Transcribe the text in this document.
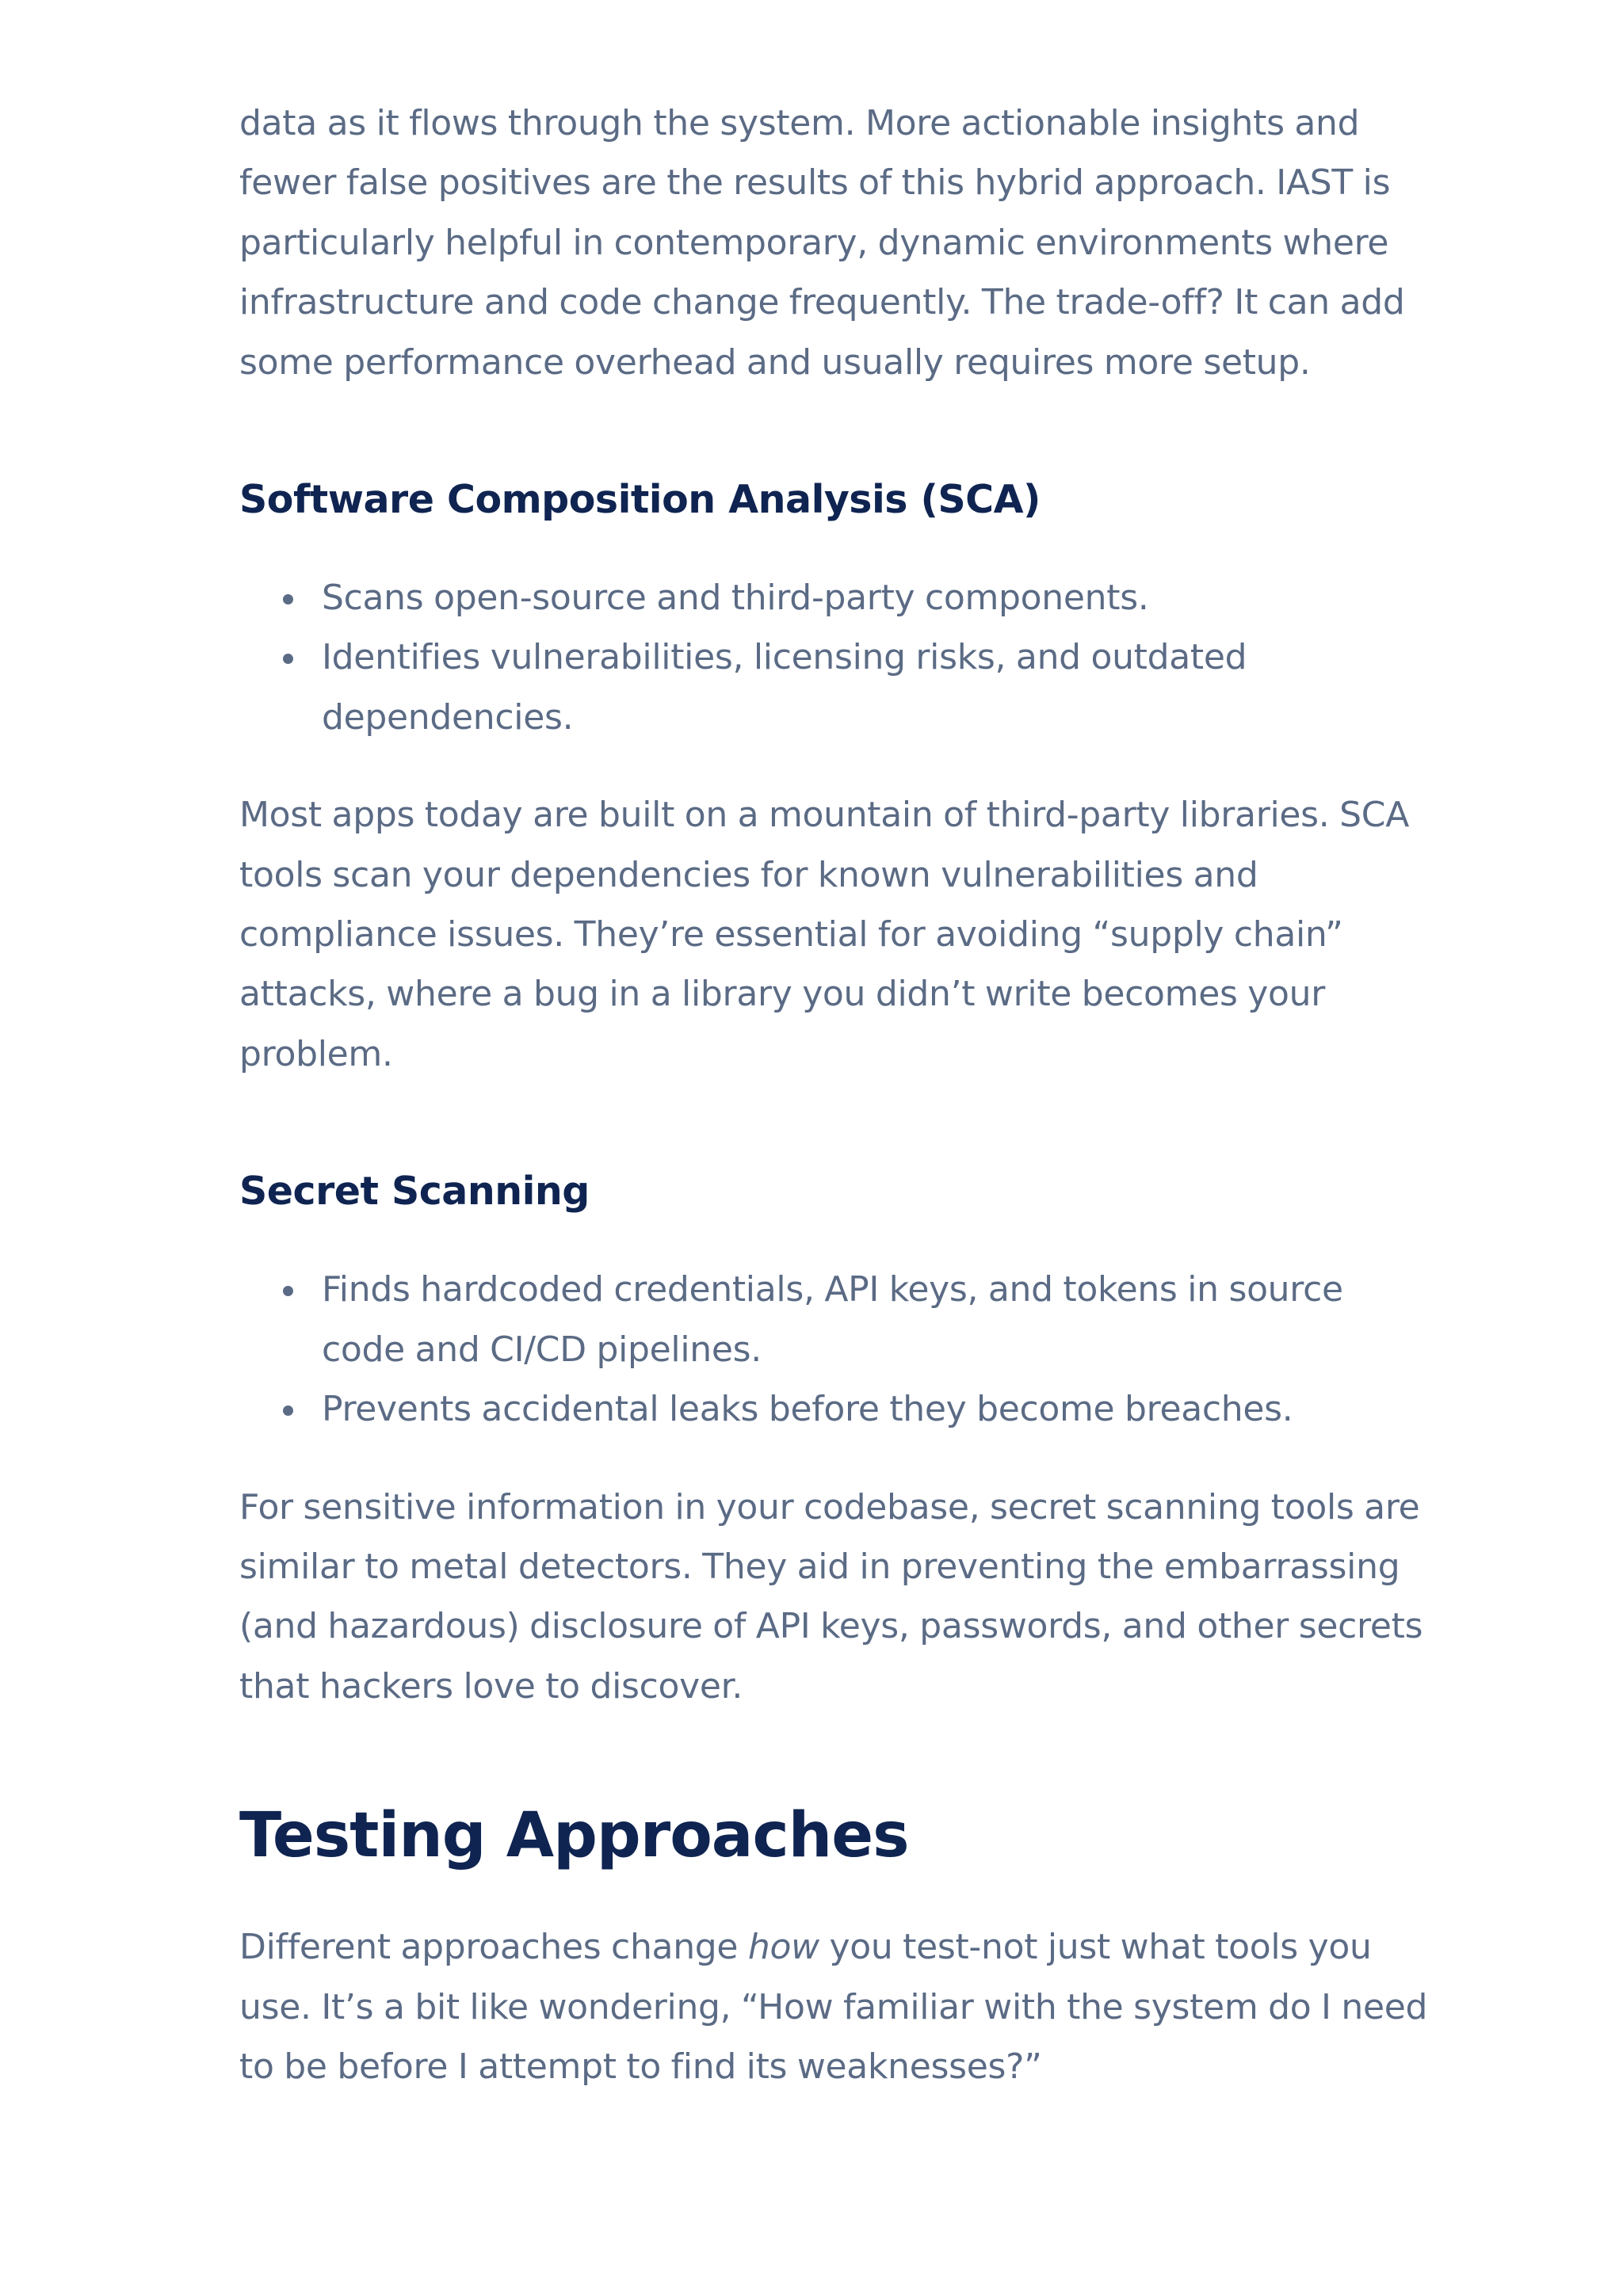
data as it flows through the system. More actionable insights and fewer false positives are the results of this hybrid approach. IAST is particularly helpful in contemporary, dynamic environments where infrastructure and code change frequently. The trade-off? It can add some performance overhead and usually requires more setup.

Software Composition Analysis (SCA)
Scans open-source and third-party components.
Identifies vulnerabilities, licensing risks, and outdated dependencies.

Most apps today are built on a mountain of third-party libraries. SCA tools scan your dependencies for known vulnerabilities and compliance issues. They’re essential for avoiding “supply chain” attacks, where a bug in a library you didn’t write becomes your problem.

Secret Scanning
Finds hardcoded credentials, API keys, and tokens in source code and CI/CD pipelines.
Prevents accidental leaks before they become breaches.

For sensitive information in your codebase, secret scanning tools are similar to metal detectors. They aid in preventing the embarrassing (and hazardous) disclosure of API keys, passwords, and other secrets that hackers love to discover.

Testing Approaches

Different approaches change how you test-not just what tools you use. It’s a bit like wondering, “How familiar with the system do I need to be before I attempt to find its weaknesses?”
